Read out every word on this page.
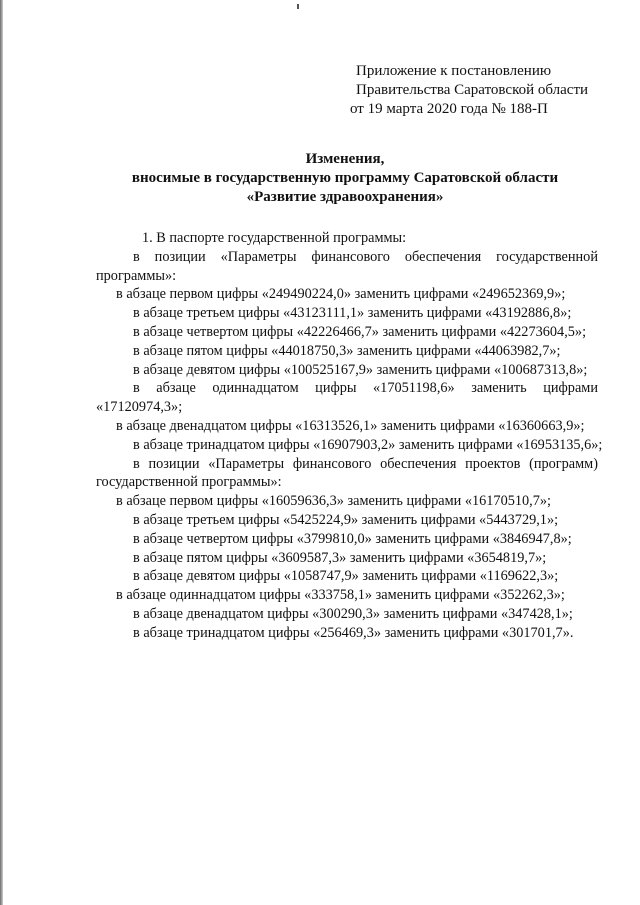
Приложение к постановлению

Правительства Саратовской области
от 19 марта 2020 года № 188-П
Изменения,
вносимые в государственную программу Саратовской области
«Развитие здравоохранения»
1. В паспорте государственной программы:
в позиции «Параметры финансового обеспечения государственной
программы»:
в абзаце первом цифры «249490224,0» заменить цифрами «249652369,9»;
в абзаце третьем цифры «43123111,1» заменить цифрами «43192886,8»;
в абзаце четвертом цифры «42226466,7» заменить цифрами «42273604,5»;
в абзаце пятом цифры «44018750,3» заменить цифрами «44063982,7»;
в абзаце девятом цифры «100525167,9» заменить цифрами «100687313,8»;
в абзаце одиннадцатом цифры «17051198,6» заменить цифрами
«17120974,3»;
в абзаце двенадцатом цифры «16313526,1» заменить цифрами «16360663,9»;
в абзаце тринадцатом цифры «16907903,2» заменить цифрами «16953135,6»;
в позиции «Параметры финансового обеспечения проектов (программ)
государственной программы»:
в абзаце первом цифры «16059636,3» заменить цифрами «16170510,7»;
в абзаце третьем цифры «5425224,9» заменить цифрами «5443729,1»;
в абзаце четвертом цифры «3799810,0» заменить цифрами «3846947,8»;
в абзаце пятом цифры «3609587,3» заменить цифрами «3654819,7»;
в абзаце девятом цифры «1058747,9» заменить цифрами «1169622,3»;
в абзаце одиннадцатом цифры «333758,1» заменить цифрами «352262,3»;
в абзаце двенадцатом цифры «300290,3» заменить цифрами «347428,1»;
в абзаце тринадцатом цифры «256469,3» заменить цифрами «301701,7».
